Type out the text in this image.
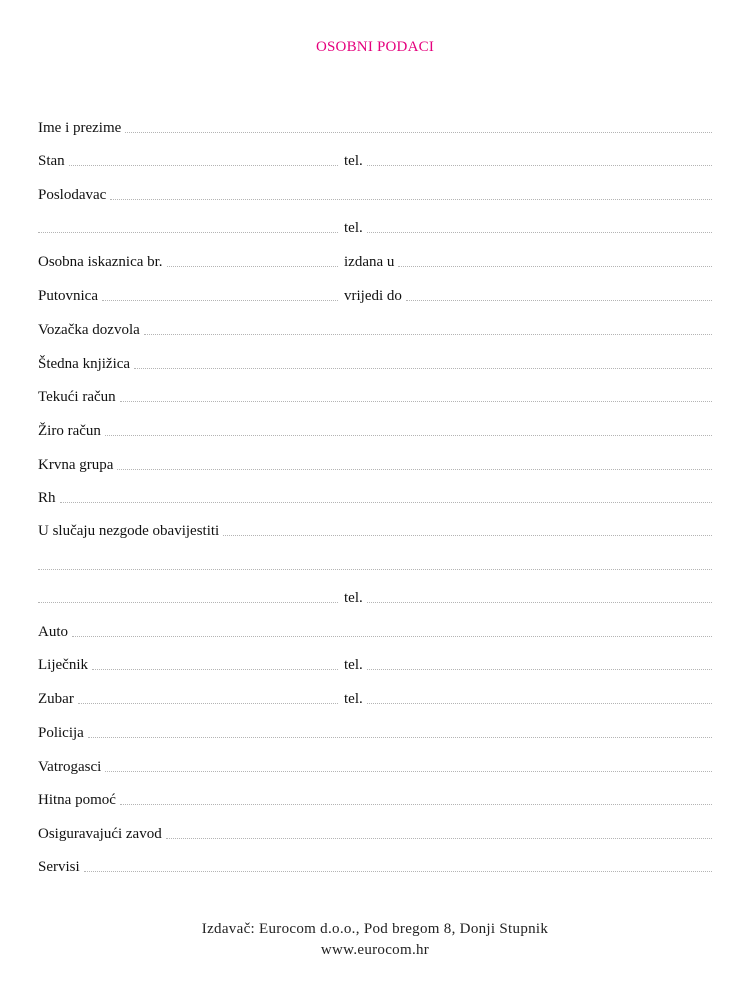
OSOBNI PODACI
Ime i prezime
Stan	tel.
Poslodavac
tel.
Osobna iskaznica br.	izdana u
Putovnica	vrijedi do
Vozačka dozvola
Štedna knjižica
Tekući račun
Žiro račun
Krvna grupa
Rh
U slučaju nezgode obavijestiti
tel.
Auto
Liječnik	tel.
Zubar	tel.
Policija
Vatrogasci
Hitna pomoć
Osiguravajući zavod
Servisi
Izdavač: Eurocom d.o.o., Pod bregom 8, Donji Stupnik
www.eurocom.hr
